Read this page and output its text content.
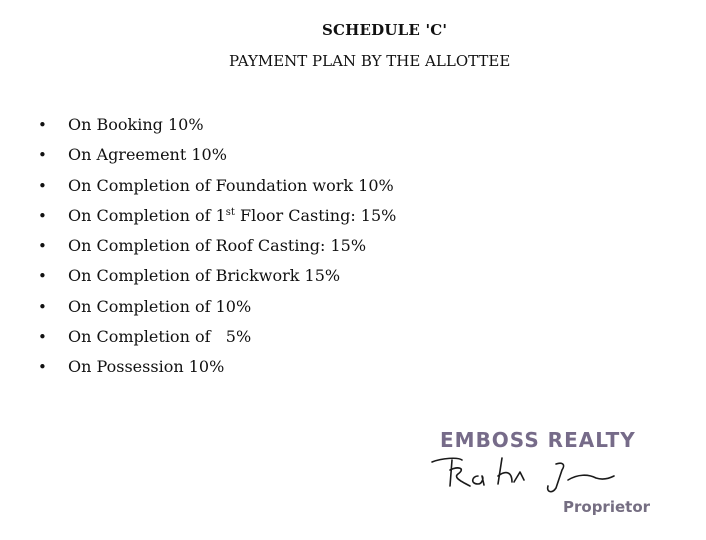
SCHEDULE 'C'
PAYMENT PLAN BY THE ALLOTTEE

•

On Booking 10%

•

On Agreement 10%

•

On Completion of Foundation work 10%

•

On Completion of 1st Floor Casting: 15%

•

On Completion of Roof Casting: 15%

•

On Completion of Brickwork 15%

•

On Completion of 10%

•

On Completion of   5%

•

On Possession 10%

EMBOSS REALTY
Proprietor
